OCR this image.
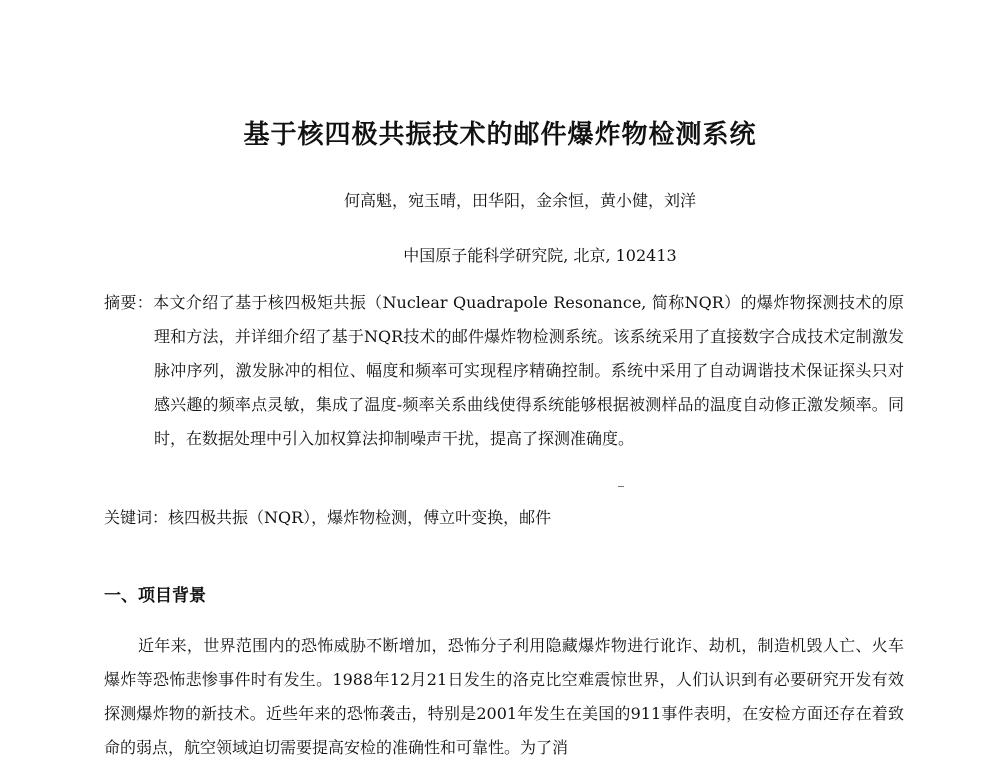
基于核四极共振技术的邮件爆炸物检测系统
何高魁，宛玉晴，田华阳，金余恒，黄小健，刘洋
中国原子能科学研究院, 北京, 102413
摘要：本文介绍了基于核四极矩共振（Nuclear Quadrapole Resonance, 简称NQR）的爆炸物探测技术的原理和方法，并详细介绍了基于NQR技术的邮件爆炸物检测系统。该系统采用了直接数字合成技术定制激发脉冲序列，激发脉冲的相位、幅度和频率可实现程序精确控制。系统中采用了自动调谐技术保证探头只对感兴趣的频率点灵敏，集成了温度-频率关系曲线使得系统能够根据被测样品的温度自动修正激发频率。同时，在数据处理中引入加权算法抑制噪声干扰，提高了探测准确度。
关键词：核四极共振（NQR），爆炸物检测，傅立叶变换，邮件
一、项目背景
近年来，世界范围内的恐怖威胁不断增加，恐怖分子利用隐藏爆炸物进行讹诈、劫机，制造机毁人亡、火车爆炸等恐怖悲惨事件时有发生。1988年12月21日发生的洛克比空难震惊世界，人们认识到有必要研究开发有效探测爆炸物的新技术。近些年来的恐怖袭击，特别是2001年发生在美国的911事件表明，在安检方面还存在着致命的弱点，航空领域迫切需要提高安检的准确性和可靠性。为了消
